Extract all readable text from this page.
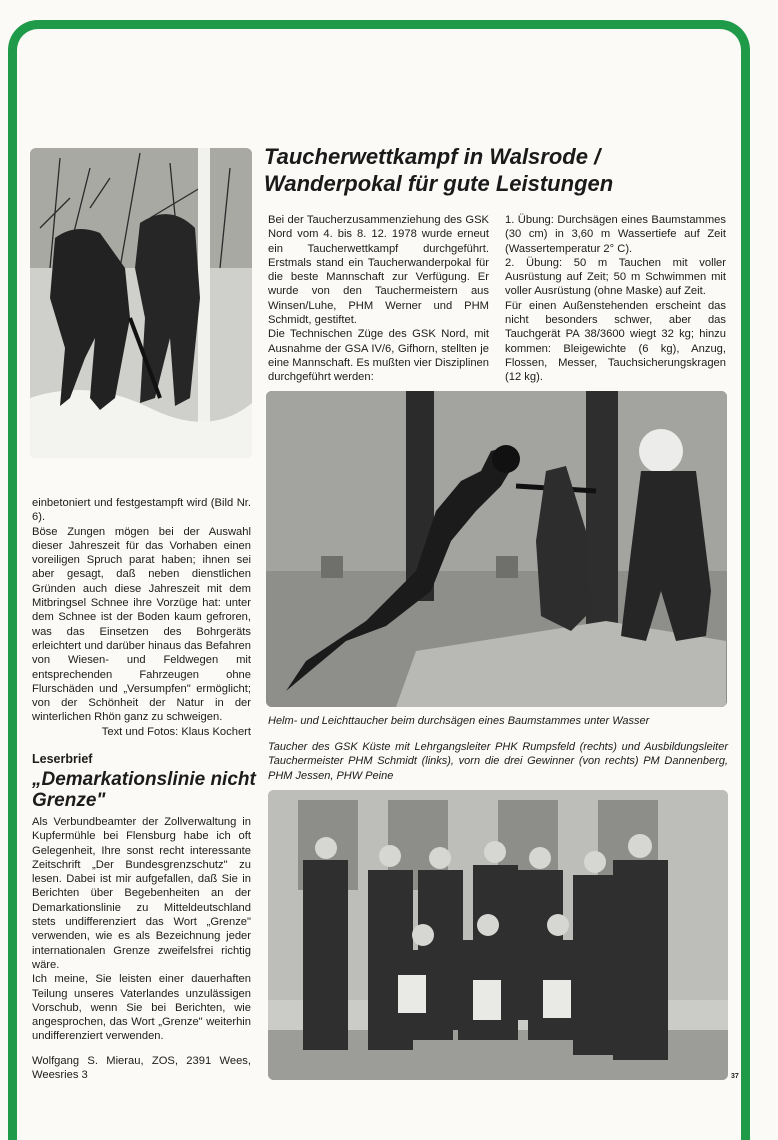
Taucherwettkampf in Walsrode /
Wanderpokal für gute Leistungen

Bei der Taucherzusammenziehung des GSK Nord vom 4. bis 8. 12. 1978 wurde erneut ein Taucherwettkampf durchgeführt. Erstmals stand ein Taucherwanderpokal für die beste Mannschaft zur Verfügung. Er wurde von den Tauchermeistern aus Winsen/Luhe, PHM Werner und PHM Schmidt, gestiftet.

Die Technischen Züge des GSK Nord, mit Ausnahme der GSA IV/6, Gifhorn, stellten je eine Mannschaft. Es mußten vier Disziplinen durchgeführt werden:

1. Übung: Durchsägen eines Baumstammes (30 cm) in 3,60 m Wassertiefe auf Zeit (Wassertemperatur 2° C).

2. Übung: 50 m Tauchen mit voller Ausrüstung auf Zeit; 50 m Schwimmen mit voller Ausrüstung (ohne Maske) auf Zeit.

Für einen Außenstehenden erscheint das nicht besonders schwer, aber das Tauchgerät PA 38/3600 wiegt 32 kg; hinzu kommen: Bleigewichte (6 kg), Anzug, Flossen, Messer, Tauchsicherungskragen (12 kg).

Helm- und Leichttaucher beim durchsägen eines Baumstammes unter Wasser

Taucher des GSK Küste mit Lehrgangsleiter PHK Rumpsfeld (rechts) und Ausbildungsleiter Tauchermeister PHM Schmidt (links), vorn die drei Gewinner (von rechts) PM Dannenberg, PHM Jessen, PHW Peine

einbetoniert und festgestampft wird (Bild Nr. 6).

Böse Zungen mögen bei der Auswahl dieser Jahreszeit für das Vorhaben einen voreiligen Spruch parat haben; ihnen sei aber gesagt, daß neben dienstlichen Gründen auch diese Jahreszeit mit dem Mitbringsel Schnee ihre Vorzüge hat: unter dem Schnee ist der Boden kaum gefroren, was das Einsetzen des Bohrgeräts erleichtert und darüber hinaus das Befahren von Wiesen- und Feldwegen mit entsprechenden Fahrzeugen ohne Flurschäden und „Versumpfen" ermöglicht; von der Schönheit der Natur in der winterlichen Rhön ganz zu schweigen.

Text und Fotos: Klaus Kochert

Leserbrief

„Demarkationslinie nicht Grenze"

Als Verbundbeamter der Zollverwaltung in Kupfermühle bei Flensburg habe ich oft Gelegenheit, Ihre sonst recht interessante Zeitschrift „Der Bundesgrenzschutz" zu lesen. Dabei ist mir aufgefallen, daß Sie in Berichten über Begebenheiten an der Demarkationslinie zu Mitteldeutschland stets undifferenziert das Wort „Grenze" verwenden, wie es als Bezeichnung jeder internationalen Grenze zweifelsfrei richtig wäre.

Ich meine, Sie leisten einer dauerhaften Teilung unseres Vaterlandes unzulässigen Vorschub, wenn Sie bei Berichten, wie angesprochen, das Wort „Grenze" weiterhin undifferenziert verwenden.

Wolfgang S. Mierau, ZOS, 2391 Wees, Weesries 3	37
